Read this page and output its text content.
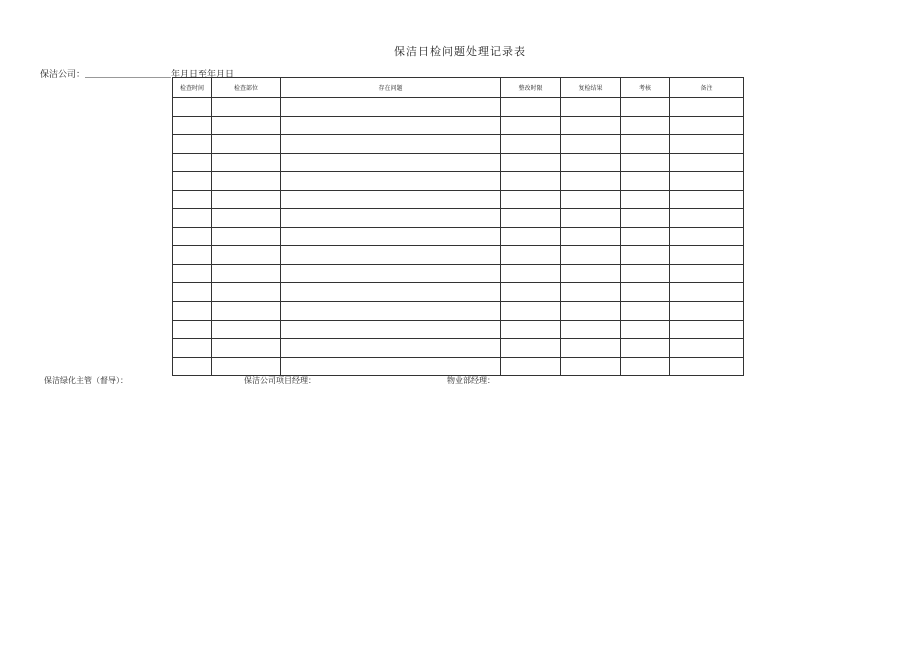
保洁日检问题处理记录表
保洁公司：	年月日至年月日
检查时间	检查部位	存在问题	整改时限	复检结果	考核	备注

保洁绿化主管（督导）：	保洁公司项目经理：	物业部经理：
